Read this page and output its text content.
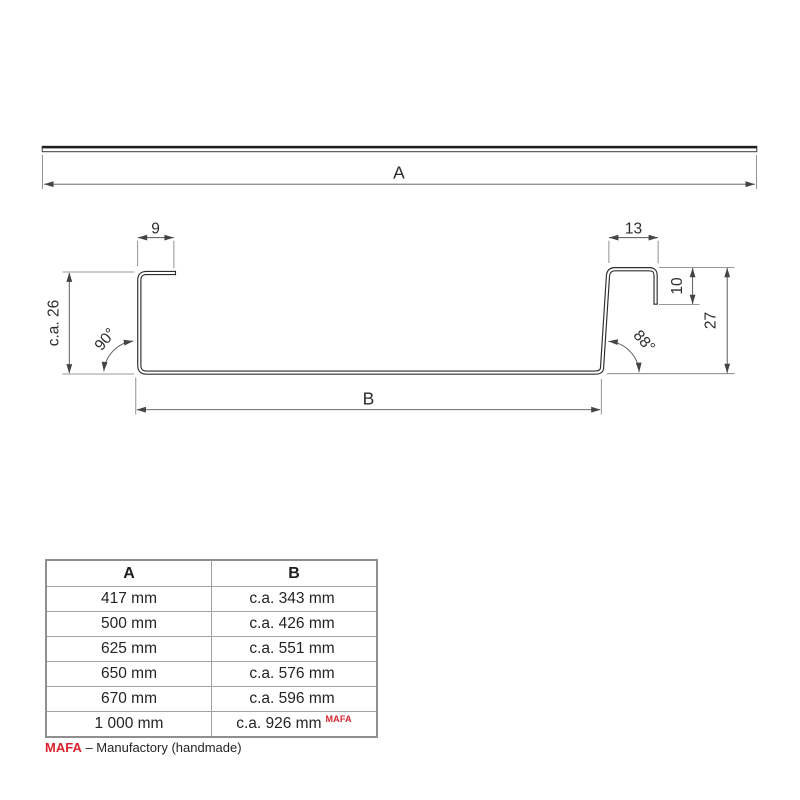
A
9	13
c.a. 26 90°	88°
10
27
B
A	B
417 mm	c.a. 343 mm
500 mm	c.a. 426 mm
625 mm	c.a. 551 mm
650 mm	c.a. 576 mm
670 mm	c.a. 596 mm
1 000 mm	c.a. 926 mm $^{MAFA}$
MAFA – Manufactory (handmade)
